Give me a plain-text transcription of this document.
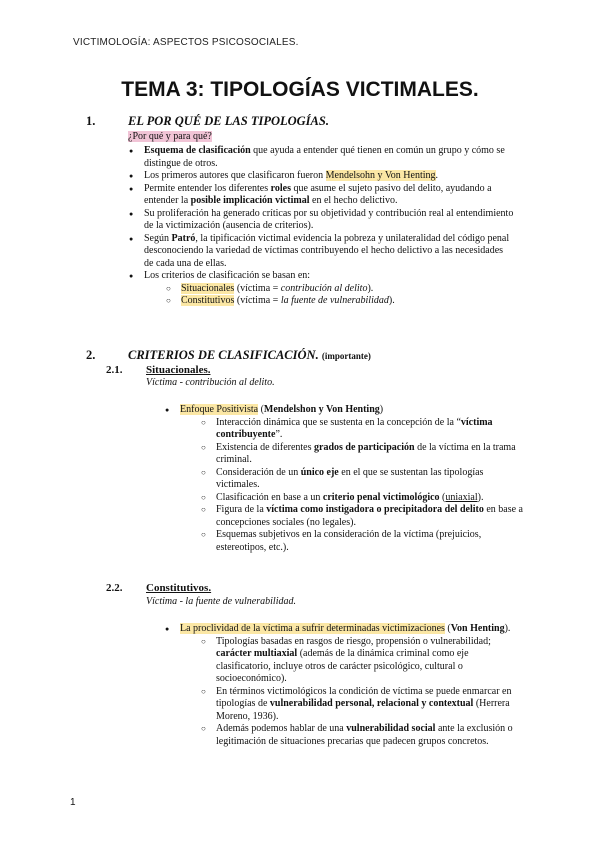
VICTIMOLOGÍA: ASPECTOS PSICOSOCIALES.
TEMA 3: TIPOLOGÍAS VICTIMALES.
1.	EL POR QUÉ DE LAS TIPOLOGÍAS.
¿Por qué y para qué?
● Esquema de clasificación que ayuda a entender qué tienen en común un grupo y cómo se distingue de otros.
● Los primeros autores que clasificaron fueron Mendelsohn y Von Henting.
● Permite entender los diferentes roles que asume el sujeto pasivo del delito, ayudando a entender la posible implicación victimal en el hecho delictivo.
● Su proliferación ha generado críticas por su objetividad y contribución real al entendimiento de la victimización (ausencia de criterios).
● Según Patró, la tipificación victimal evidencia la pobreza y unilateralidad del código penal desconociendo la variedad de víctimas contribuyendo el hecho delictivo a las necesidades de cada una de ellas.
● Los criterios de clasificación se basan en:
○ Situacionales (víctima = contribución al delito).
○ Constitutivos (víctima = la fuente de vulnerabilidad).
2.	CRITERIOS DE CLASIFICACIÓN. (importante)
2.1. Situacionales.
Víctima - contribución al delito.
● Enfoque Positivista (Mendelshon y Von Henting)
○ Interacción dinámica que se sustenta en la concepción de la “víctima contribuyente”.
○ Existencia de diferentes grados de participación de la víctima en la trama criminal.
○ Consideración de un único eje en el que se sustentan las tipologías victimales.
○ Clasificación en base a un criterio penal victimológico (uniaxial).
○ Figura de la víctima como instigadora o precipitadora del delito en base a concepciones sociales (no legales).
○ Esquemas subjetivos en la consideración de la víctima (prejuicios, estereotipos, etc.).
2.2. Constitutivos.
Víctima - la fuente de vulnerabilidad.
● La proclividad de la víctima a sufrir determinadas victimizaciones (Von Henting).
○ Tipologías basadas en rasgos de riesgo, propensión o vulnerabilidad; carácter multiaxial (además de la dinámica criminal como eje clasificatorio, incluye otros de carácter psicológico, cultural o socioeconómico).
○ En términos victimológicos la condición de víctima se puede enmarcar en tipologías de vulnerabilidad personal, relacional y contextual (Herrera Moreno, 1936).
○ Además podemos hablar de una vulnerabilidad social ante la exclusión o legitimación de situaciones precarias que padecen grupos concretos.
1
